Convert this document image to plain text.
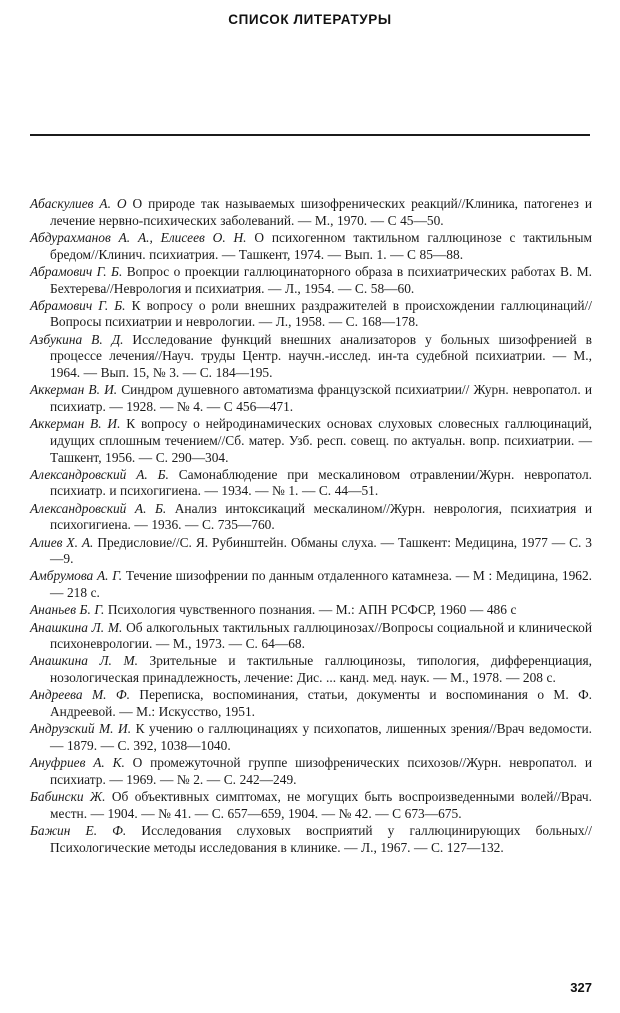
СПИСОК ЛИТЕРАТУРЫ

Абаскулиев А. О О природе так называемых шизофренических реакций//Клиника, патогенез и лечение нервно-психических заболеваний. — М., 1970. — С 45—50.

Абдурахманов А. А., Елисеев О. Н. О психогенном тактильном галлюцинозе с тактильным бредом//Клинич. психиатрия. — Ташкент, 1974. — Вып. 1. — С 85—88.

Абрамович Г. Б. Вопрос о проекции галлюцинаторного образа в психиатрических работах В. М. Бехтерева//Неврология и психиатрия. — Л., 1954. — С. 58—60.

Абрамович Г. Б. К вопросу о роли внешних раздражителей в происхождении галлюцинаций//Вопросы психиатрии и неврологии. — Л., 1958. — С. 168—178.

Азбукина В. Д. Исследование функций внешних анализаторов у больных шизофренией в процессе лечения//Науч. труды Центр. научн.-исслед. ин-та судебной психиатрии. — М., 1964. — Вып. 15, № 3. — С. 184—195.

Аккерман В. И. Синдром душевного автоматизма французской психиатрии// Журн. невропатол. и психиатр. — 1928. — № 4. — С 456—471.

Аккерман В. И. К вопросу о нейродинамических основах слуховых словесных галлюцинаций, идущих сплошным течением//Сб. матер. Узб. респ. совещ. по актуальн. вопр. психиатрии. — Ташкент, 1956. — С. 290—304.

Александровский А. Б. Самонаблюдение при мескалиновом отравлении/Журн. невропатол. психиатр. и психогигиена. — 1934. — № 1. — С. 44—51.

Александровский А. Б. Анализ интоксикаций мескалином//Журн. неврология, психиатрия и психогигиена. — 1936. — С. 735—760.

Алиев X. А. Предисловие//С. Я. Рубинштейн. Обманы слуха. — Ташкент: Медицина, 1977 — С. 3—9.

Амбрумова А. Г. Течение шизофрении по данным отдаленного катамнеза. — М : Медицина, 1962. — 218 с.

Ананьев Б. Г. Психология чувственного познания. — М.: АПН РСФСР, 1960 — 486 с

Анашкина Л. М. Об алкогольных тактильных галлюцинозах//Вопросы социальной и клинической психоневрологии. — М., 1973. — С. 64—68.

Анашкина Л. М. Зрительные и тактильные галлюцинозы, типология, дифференциация, нозологическая принадлежность, лечение: Дис. ... канд. мед. наук. — М., 1978. — 208 с.

Андреева М. Ф. Переписка, воспоминания, статьи, документы и воспоминания о М. Ф. Андреевой. — М.: Искусство, 1951.

Андрузский М. И. К учению о галлюцинациях у психопатов, лишенных зрения//Врач ведомости. — 1879. — С. 392, 1038—1040.

Ануфриев А. К. О промежуточной группе шизофренических психозов//Журн. невропатол. и психиатр. — 1969. — № 2. — С. 242—249.

Бабински Ж. Об объективных симптомах, не могущих быть воспроизведенными волей//Врач. местн. — 1904. — № 41. — С. 657—659, 1904. — № 42. — С 673—675.

Бажин Е. Ф. Исследования слуховых восприятий у галлюцинирующих больных//Психологические методы исследования в клинике. — Л., 1967. — С. 127—132.

327
